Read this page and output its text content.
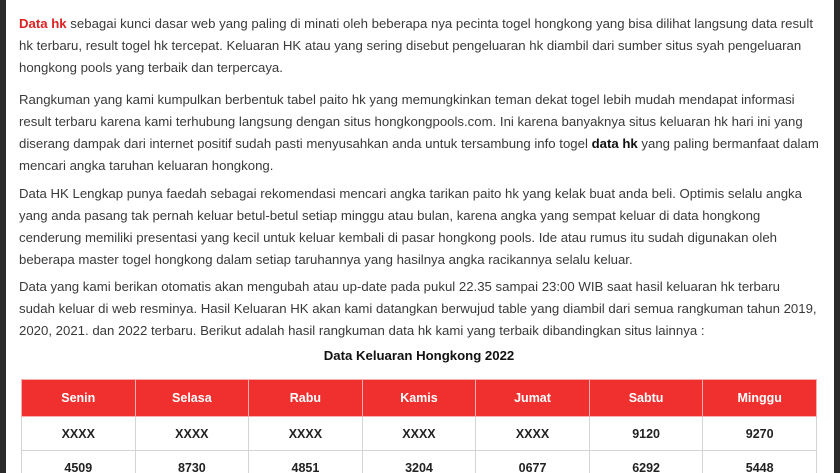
Data hk sebagai kunci dasar web yang paling di minati oleh beberapa nya pecinta togel hongkong yang bisa dilihat langsung data result hk terbaru, result togel hk tercepat. Keluaran HK atau yang sering disebut pengeluaran hk diambil dari sumber situs syah pengeluaran hongkong pools yang terbaik dan terpercaya.

Rangkuman yang kami kumpulkan berbentuk tabel paito hk yang memungkinkan teman dekat togel lebih mudah mendapat informasi result terbaru karena kami terhubung langsung dengan situs hongkongpools.com. Ini karena banyaknya situs keluaran hk hari ini yang diserang dampak dari internet positif sudah pasti menyusahkan anda untuk tersambung info togel data hk yang paling bermanfaat dalam mencari angka taruhan keluaran hongkong.

Data HK Lengkap punya faedah sebagai rekomendasi mencari angka tarikan paito hk yang kelak buat anda beli. Optimis selalu angka yang anda pasang tak pernah keluar betul-betul setiap minggu atau bulan, karena angka yang sempat keluar di data hongkong cenderung memiliki presentasi yang kecil untuk keluar kembali di pasar hongkong pools. Ide atau rumus itu sudah digunakan oleh beberapa master togel hongkong dalam setiap taruhannya yang hasilnya angka racikannya selalu keluar.

Data yang kami berikan otomatis akan mengubah atau up-date pada pukul 22.35 sampai 23:00 WIB saat hasil keluaran hk terbaru sudah keluar di web resminya. Hasil Keluaran HK akan kami datangkan berwujud table yang diambil dari semua rangkuman tahun 2019, 2020, 2021. dan 2022 terbaru. Berikut adalah hasil rangkuman data hk kami yang terbaik dibandingkan situs lainnya :

Data Keluaran Hongkong 2022
Senin	Selasa	Rabu	Kamis	Jumat	Sabtu	Minggu
XXXX	XXXX	XXXX	XXXX	XXXX	9120	9270
4509	8730	4851	3204	0677	6292	5448
